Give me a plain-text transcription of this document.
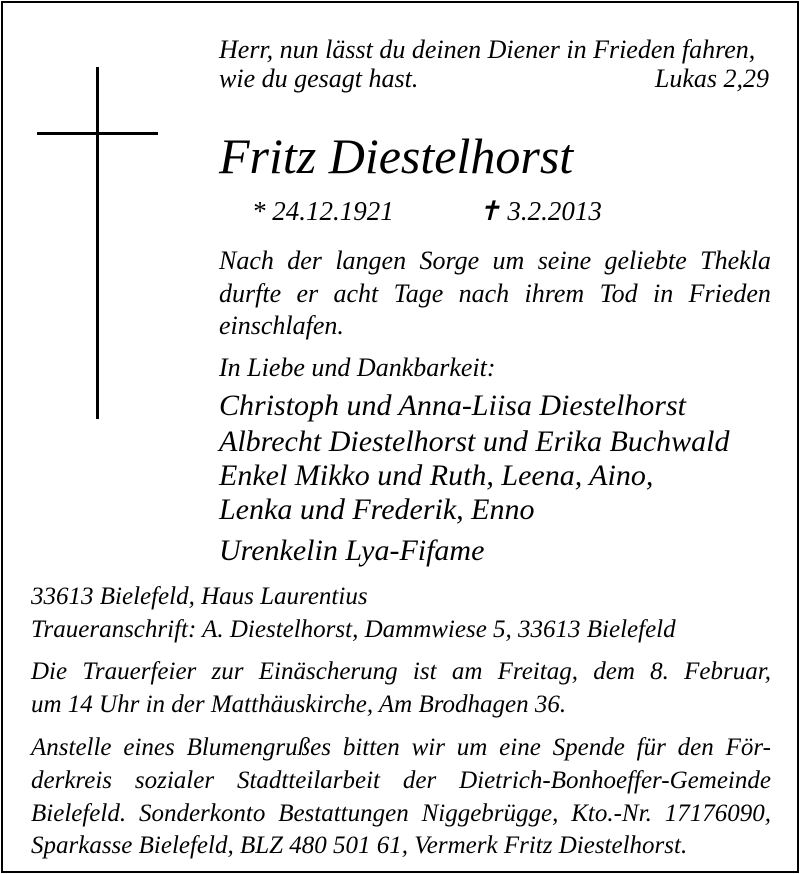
Herr, nun lässt du deinen Diener in Frieden fahren,
wie du gesagt hast.	Lukas 2,29
Fritz Diestelhorst
* 24.12.1921	✝ 3.2.2013
Nach der langen Sorge um seine geliebte Thekla
durfte er acht Tage nach ihrem Tod in Frieden
einschlafen.
In Liebe und Dankbarkeit:
Christoph und Anna-Liisa Diestelhorst
Albrecht Diestelhorst und Erika Buchwald
Enkel Mikko und Ruth, Leena, Aino,
Lenka und Frederik, Enno
Urenkelin Lya-Fifame
33613 Bielefeld, Haus Laurentius
Traueranschrift: A. Diestelhorst, Dammwiese 5, 33613 Bielefeld
Die Trauerfeier zur Einäscherung ist am Freitag, dem 8. Februar,
um 14 Uhr in der Matthäuskirche, Am Brodhagen 36.
Anstelle eines Blumengrußes bitten wir um eine Spende für den För-
derkreis sozialer Stadtteilarbeit der Dietrich-Bonhoeffer-Gemeinde
Bielefeld. Sonderkonto Bestattungen Niggebrügge, Kto.-Nr. 17176090,
Sparkasse Bielefeld, BLZ 480 501 61, Vermerk Fritz Diestelhorst.
